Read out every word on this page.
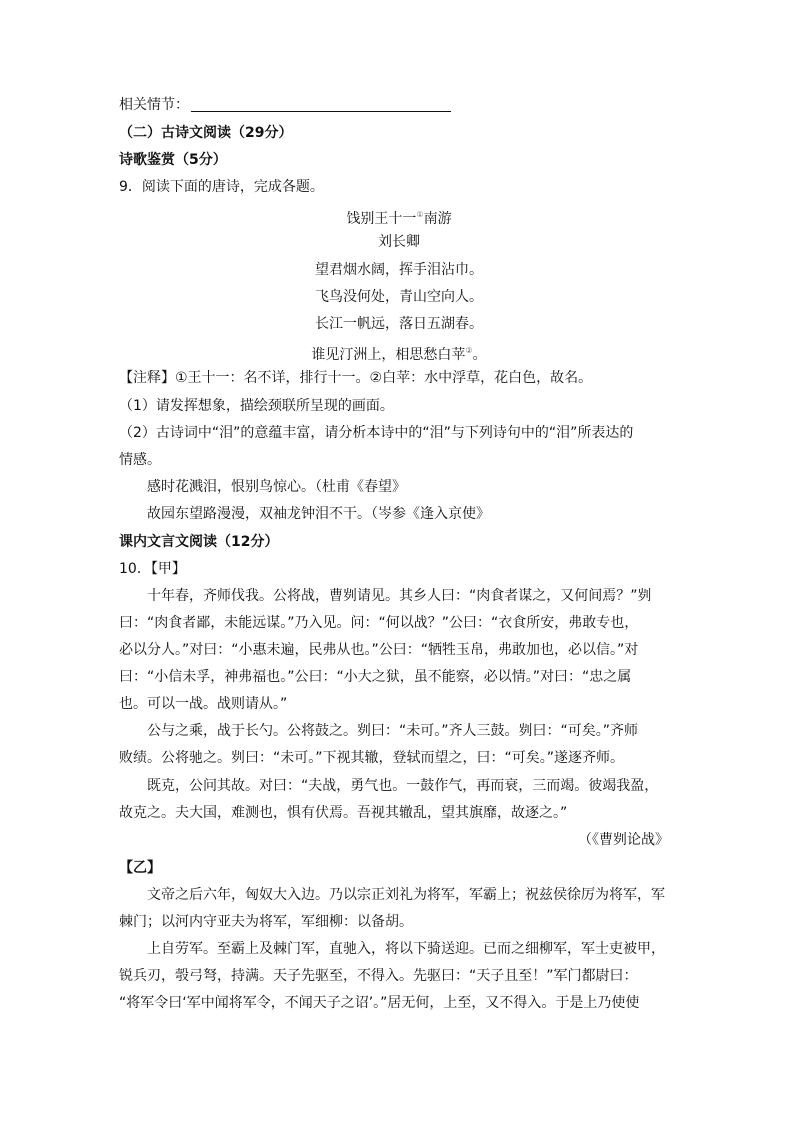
相关情节：
（二）古诗文阅读（29分）
诗歌鉴赏（5分）
9．阅读下面的唐诗，完成各题。
饯别王十一①南游
刘长卿
望君烟水阔，挥手泪沾巾。
飞鸟没何处，青山空向人。
长江一帆远，落日五湖春。
谁见汀洲上，相思愁白苹②。
【注释】①王十一：名不详，排行十一。②白苹：水中浮草，花白色，故名。
（1）请发挥想象，描绘颈联所呈现的画面。
（2）古诗词中“泪”的意蕴丰富，请分析本诗中的“泪”与下列诗句中的“泪”所表达的
情感。
感时花溅泪，恨别鸟惊心。（杜甫《春望》
故园东望路漫漫，双袖龙钟泪不干。（岑参《逢入京使》
课内文言文阅读（12分）
10．【甲】
十年春，齐师伐我。公将战，曹刿请见。其乡人曰：“肉食者谋之，又何间焉？”刿
曰：“肉食者鄙，未能远谋。”乃入见。问：“何以战？”公曰：“衣食所安，弗敢专也，
必以分人。”对曰：“小惠未遍，民弗从也。”公曰：“牺牲玉帛，弗敢加也，必以信。”对
曰：“小信未孚，神弗福也。”公曰：“小大之狱，虽不能察，必以情。”对曰：“忠之属
也。可以一战。战则请从。”
公与之乘，战于长勺。公将鼓之。刿曰：“未可。”齐人三鼓。刿曰：“可矣。”齐师
败绩。公将驰之。刿曰：“未可。”下视其辙，登轼而望之，曰：“可矣。”遂逐齐师。
既克，公问其故。对曰：“夫战，勇气也。一鼓作气，再而衰，三而竭。彼竭我盈，
故克之。夫大国，难测也，惧有伏焉。吾视其辙乱，望其旗靡，故逐之。”
（《曹刿论战》
【乙】
文帝之后六年，匈奴大入边。乃以宗正刘礼为将军，军霸上；祝兹侯徐厉为将军，军
棘门；以河内守亚夫为将军，军细柳：以备胡。
上自劳军。至霸上及棘门军，直驰入，将以下骑送迎。已而之细柳军，军士吏被甲，
锐兵刃，彀弓弩，持满。天子先驱至，不得入。先驱曰：“天子且至！”军门都尉曰：
“将军令曰‘军中闻将军令，不闻天子之诏’。”居无何，上至，又不得入。于是上乃使使
